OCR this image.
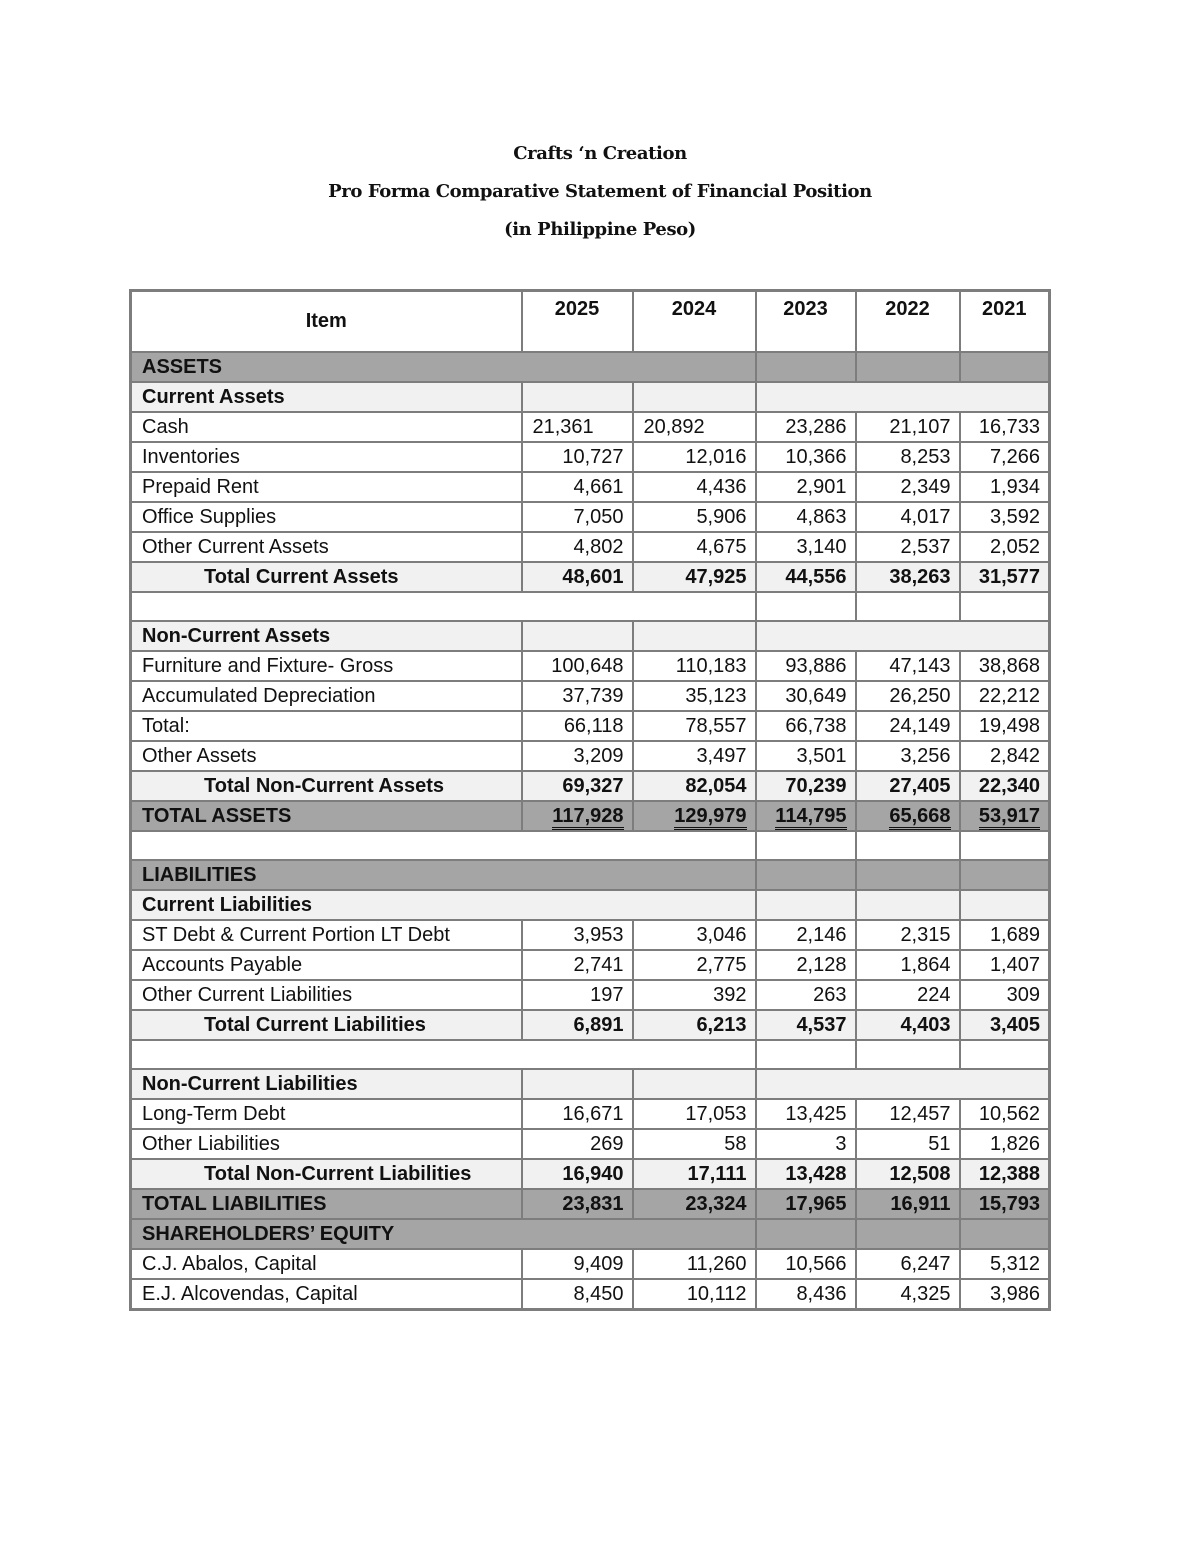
Crafts ‘n Creation
Pro Forma Comparative Statement of Financial Position
(in Philippine Peso)
Item	2025	2024	2023	2022	2021
ASSETS					
Current Assets					
Cash	21,361	20,892	23,286	21,107	16,733
Inventories	10,727	12,016	10,366	8,253	7,266
Prepaid Rent	4,661	4,436	2,901	2,349	1,934
Office Supplies	7,050	5,906	4,863	4,017	3,592
Other Current Assets	4,802	4,675	3,140	2,537	2,052
Total Current Assets	48,601	47,925	44,556	38,263	31,577

Non-Current Assets					
Furniture and Fixture- Gross	100,648	110,183	93,886	47,143	38,868
Accumulated Depreciation	37,739	35,123	30,649	26,250	22,212
Total:	66,118	78,557	66,738	24,149	19,498
Other Assets	3,209	3,497	3,501	3,256	2,842
Total Non-Current Assets	69,327	82,054	70,239	27,405	22,340
TOTAL ASSETS	117,928	129,979	114,795	65,668	53,917

LIABILITIES					
Current Liabilities					
ST Debt & Current Portion LT Debt	3,953	3,046	2,146	2,315	1,689
Accounts Payable	2,741	2,775	2,128	1,864	1,407
Other Current Liabilities	197	392	263	224	309
Total Current Liabilities	6,891	6,213	4,537	4,403	3,405

Non-Current Liabilities					
Long-Term Debt	16,671	17,053	13,425	12,457	10,562
Other Liabilities	269	58	3	51	1,826
Total Non-Current Liabilities	16,940	17,111	13,428	12,508	12,388
TOTAL LIABILITIES	23,831	23,324	17,965	16,911	15,793
SHAREHOLDERS’ EQUITY					
C.J. Abalos, Capital	9,409	11,260	10,566	6,247	5,312
E.J. Alcovendas, Capital	8,450	10,112	8,436	4,325	3,986
